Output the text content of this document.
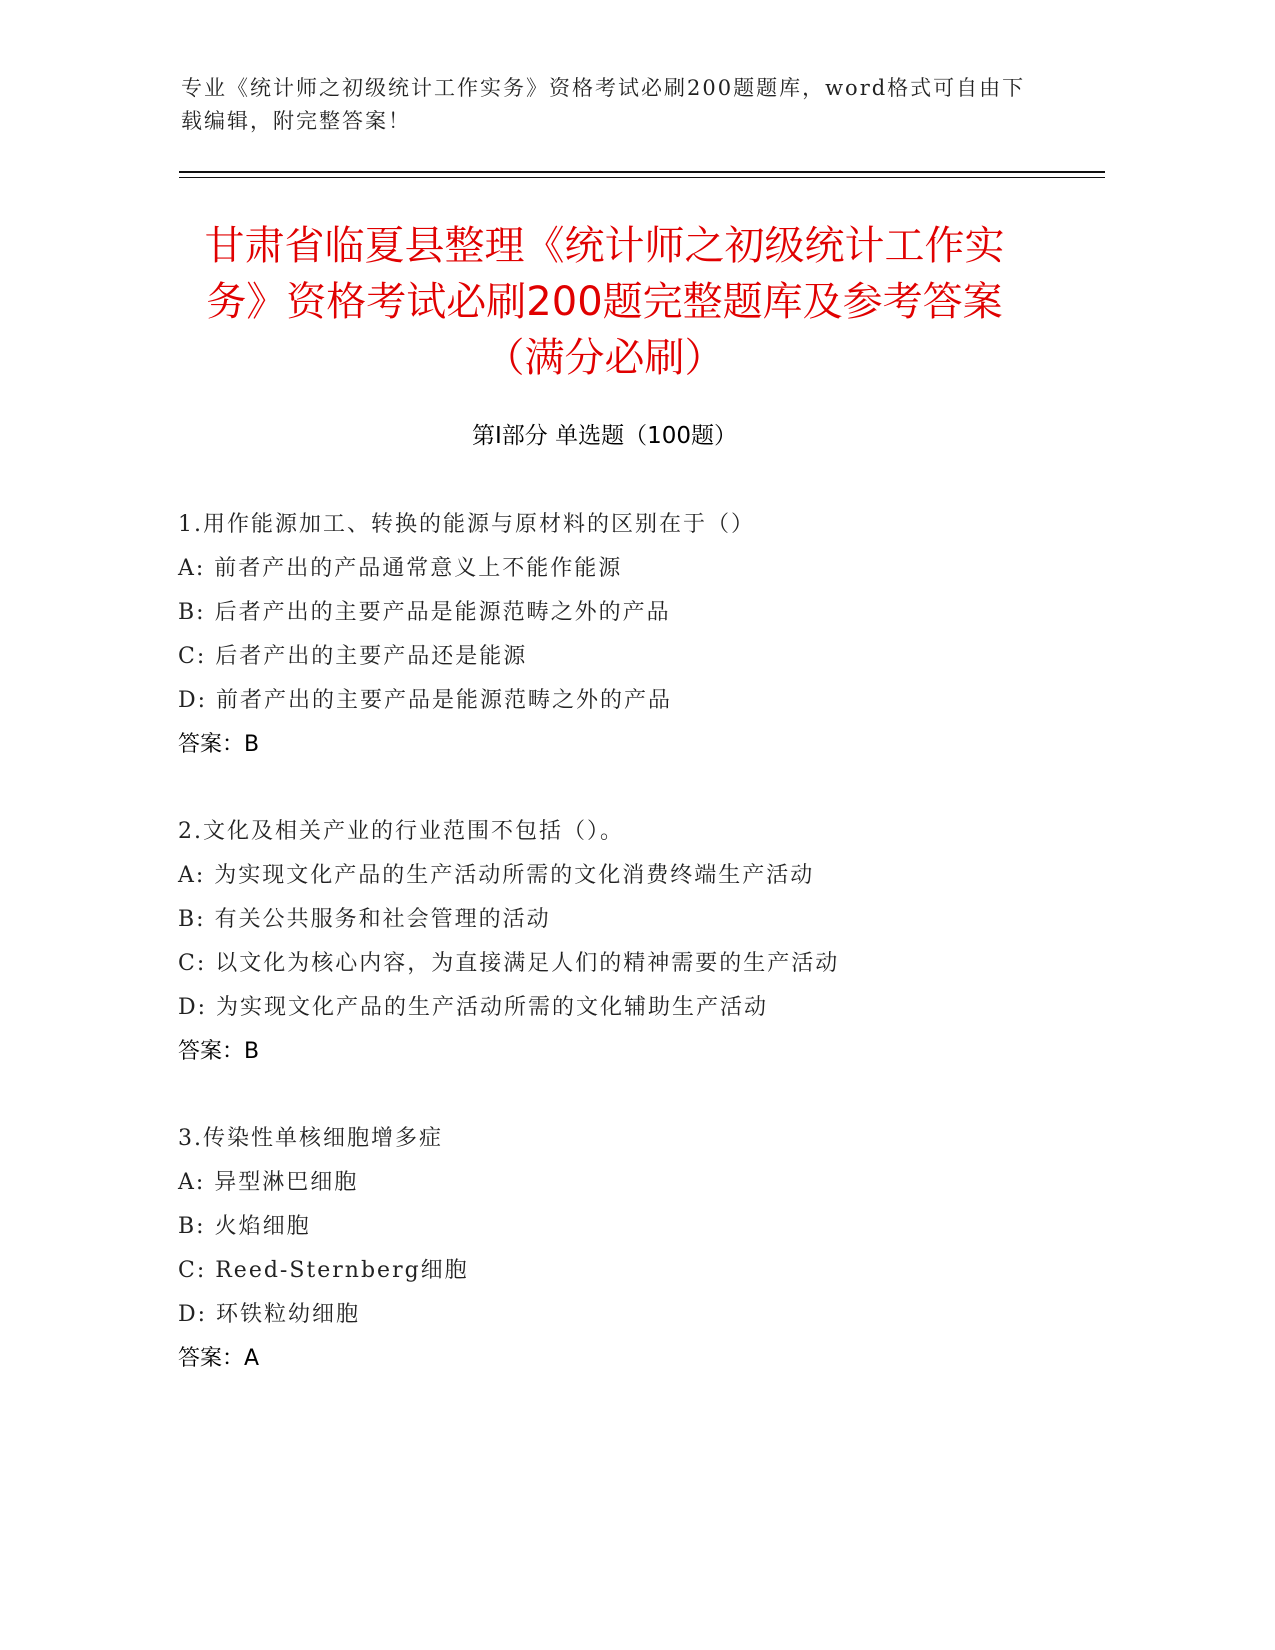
专业《统计师之初级统计工作实务》资格考试必刷200题题库，word格式可自由下载编辑，附完整答案！
甘肃省临夏县整理《统计师之初级统计工作实务》资格考试必刷200题完整题库及参考答案（满分必刷）
第I部分 单选题（100题）
1.用作能源加工、转换的能源与原材料的区别在于（）
A: 前者产出的产品通常意义上不能作能源
B: 后者产出的主要产品是能源范畴之外的产品
C: 后者产出的主要产品还是能源
D: 前者产出的主要产品是能源范畴之外的产品
答案：B
2.文化及相关产业的行业范围不包括（）。
A: 为实现文化产品的生产活动所需的文化消费终端生产活动
B: 有关公共服务和社会管理的活动
C: 以文化为核心内容，为直接满足人们的精神需要的生产活动
D: 为实现文化产品的生产活动所需的文化辅助生产活动
答案：B
3.传染性单核细胞增多症
A: 异型淋巴细胞
B: 火焰细胞
C: Reed-Sternberg细胞
D: 环铁粒幼细胞
答案：A
